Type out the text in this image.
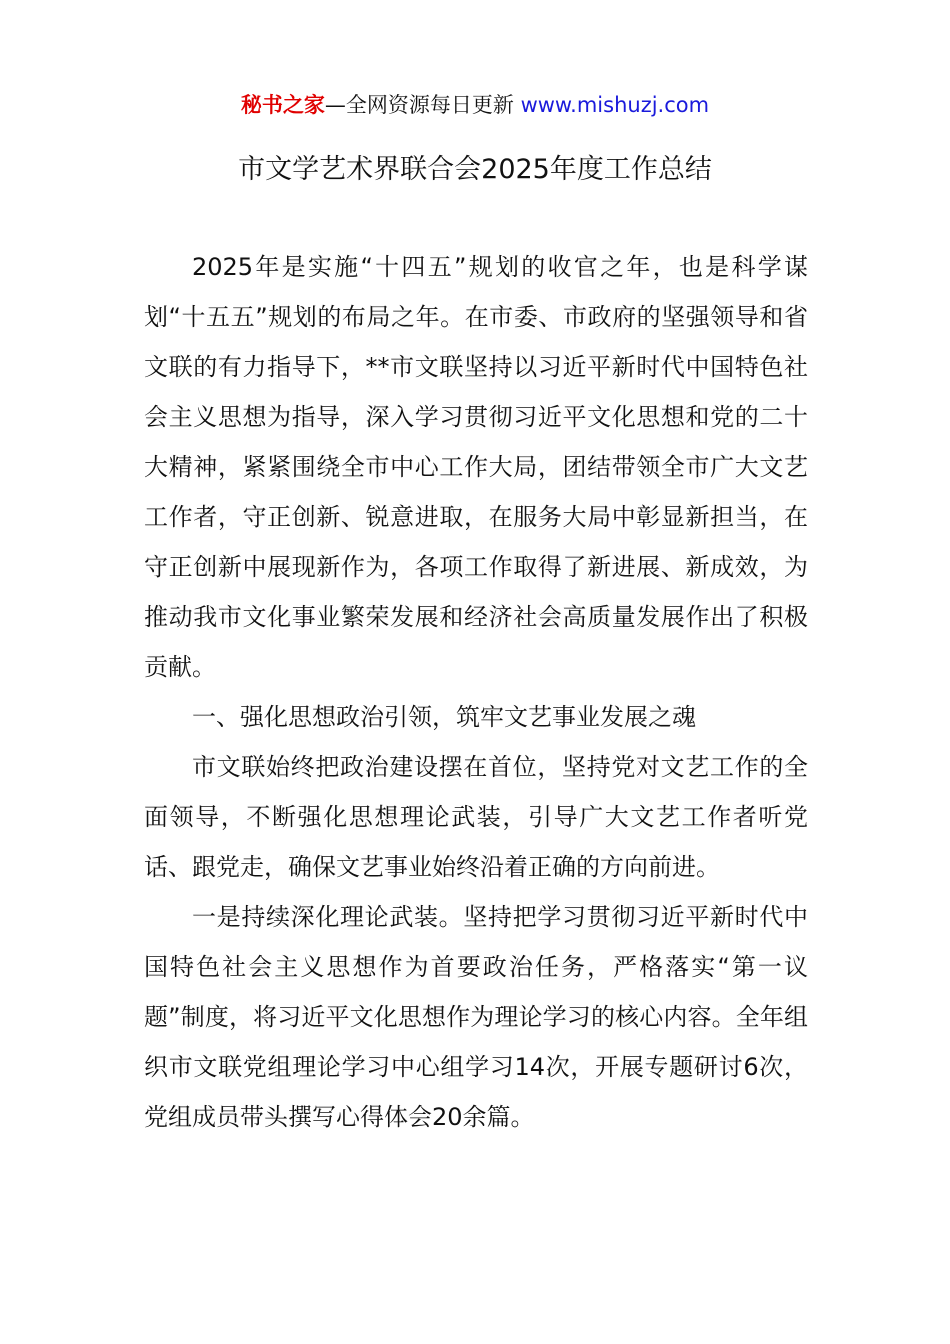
秘书之家—全网资源每日更新 www.mishuzj.com
市文学艺术界联合会2025年度工作总结

2025年是实施“十四五”规划的收官之年，也是科学谋划“十五五”规划的布局之年。在市委、市政府的坚强领导和省文联的有力指导下，**市文联坚持以习近平新时代中国特色社会主义思想为指导，深入学习贯彻习近平文化思想和党的二十大精神，紧紧围绕全市中心工作大局，团结带领全市广大文艺工作者，守正创新、锐意进取，在服务大局中彰显新担当，在守正创新中展现新作为，各项工作取得了新进展、新成效，为推动我市文化事业繁荣发展和经济社会高质量发展作出了积极贡献。

一、强化思想政治引领，筑牢文艺事业发展之魂

市文联始终把政治建设摆在首位，坚持党对文艺工作的全面领导，不断强化思想理论武装，引导广大文艺工作者听党话、跟党走，确保文艺事业始终沿着正确的方向前进。

一是持续深化理论武装。坚持把学习贯彻习近平新时代中国特色社会主义思想作为首要政治任务，严格落实“第一议题”制度，将习近平文化思想作为理论学习的核心内容。全年组织市文联党组理论学习中心组学习14次，开展专题研讨6次，党组成员带头撰写心得体会20余篇。
